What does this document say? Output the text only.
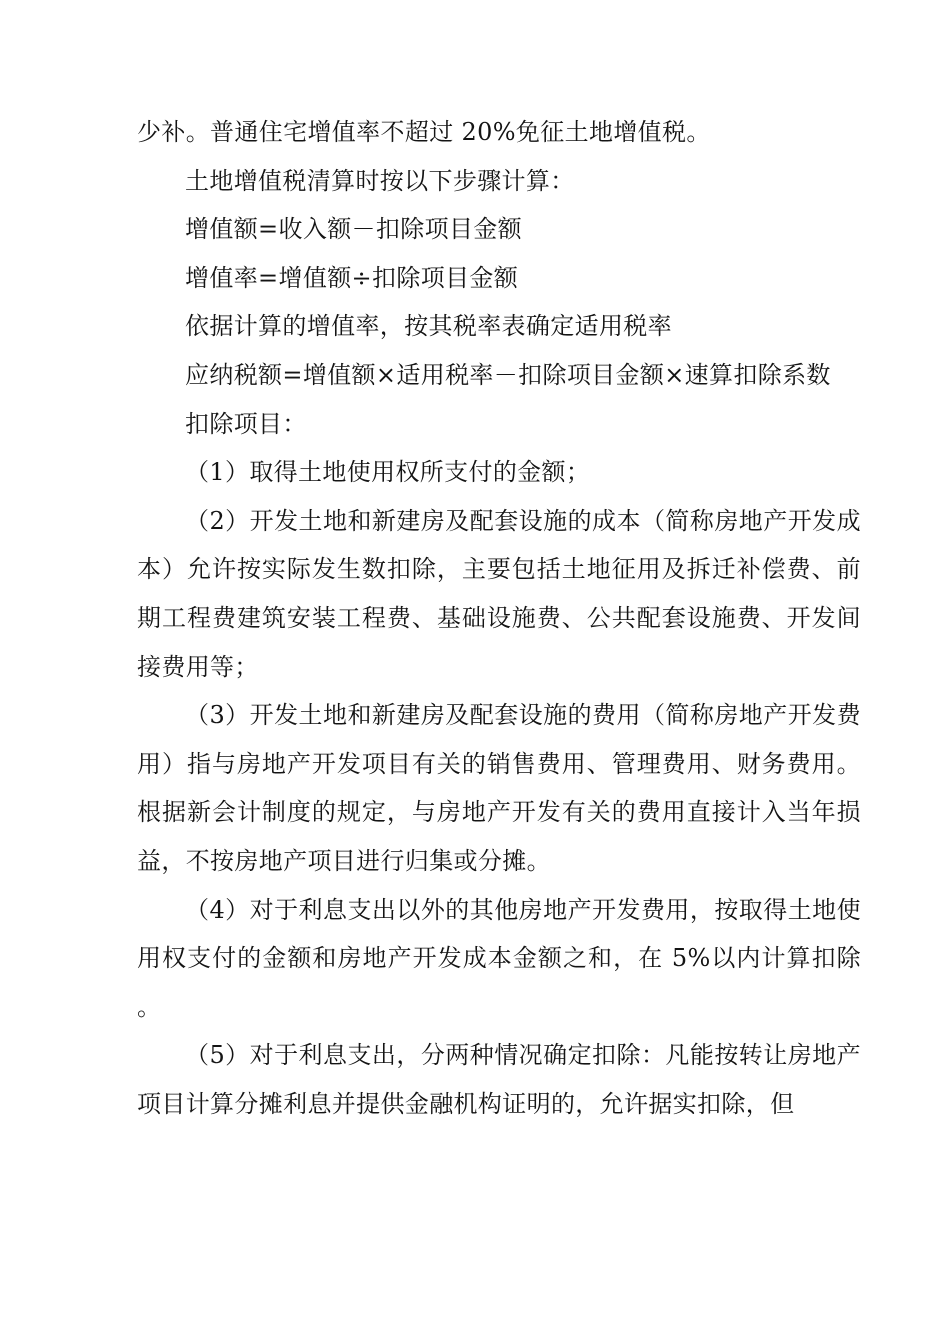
少补。普通住宅增值率不超过 20%免征土地增值税。

土地增值税清算时按以下步骤计算：

增值额=收入额－扣除项目金额

增值率=增值额÷扣除项目金额

依据计算的增值率，按其税率表确定适用税率

应纳税额=增值额×适用税率－扣除项目金额×速算扣除系数

扣除项目：

（1）取得土地使用权所支付的金额；

（2）开发土地和新建房及配套设施的成本（简称房地产开发成本）允许按实际发生数扣除，主要包括土地征用及拆迁补偿费、前期工程费建筑安装工程费、基础设施费、公共配套设施费、开发间接费用等；

（3）开发土地和新建房及配套设施的费用（简称房地产开发费用）指与房地产开发项目有关的销售费用、管理费用、财务费用。根据新会计制度的规定，与房地产开发有关的费用直接计入当年损益，不按房地产项目进行归集或分摊。

（4）对于利息支出以外的其他房地产开发费用，按取得土地使用权支付的金额和房地产开发成本金额之和，在 5%以内计算扣除。

（5）对于利息支出，分两种情况确定扣除：凡能按转让房地产项目计算分摊利息并提供金融机构证明的，允许据实扣除，但
